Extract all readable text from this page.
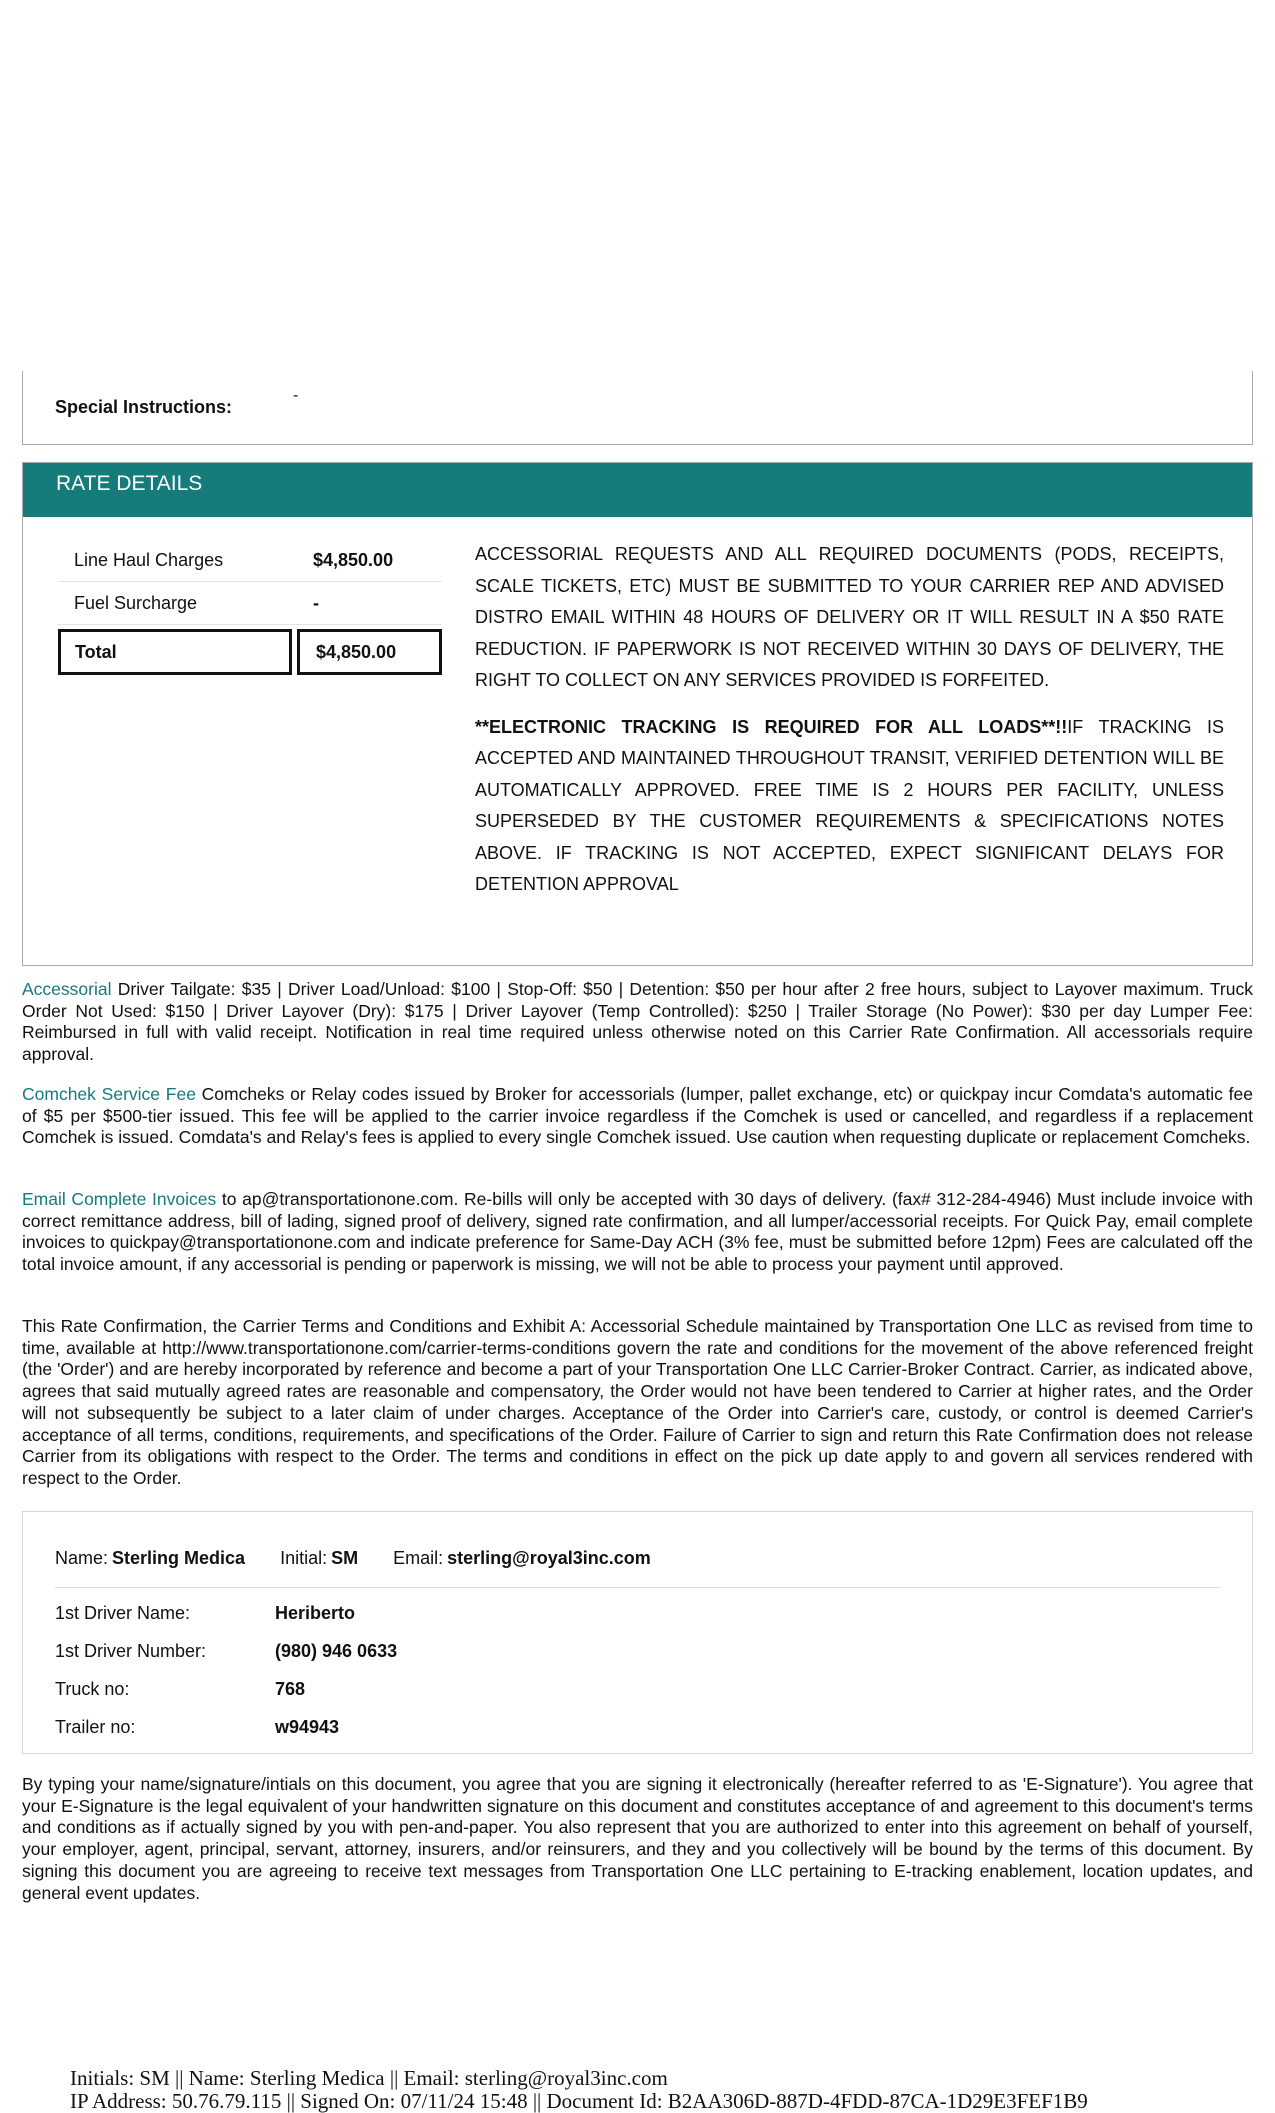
Special Instructions:
-
RATE DETAILS
Line Haul Charges	$4,850.00
Fuel Surcharge	-
Total	$4,850.00

ACCESSORIAL REQUESTS AND ALL REQUIRED DOCUMENTS (PODS, RECEIPTS, SCALE TICKETS, ETC) MUST BE SUBMITTED TO YOUR CARRIER REP AND ADVISED DISTRO EMAIL WITHIN 48 HOURS OF DELIVERY OR IT WILL RESULT IN A $50 RATE REDUCTION. IF PAPERWORK IS NOT RECEIVED WITHIN 30 DAYS OF DELIVERY, THE RIGHT TO COLLECT ON ANY SERVICES PROVIDED IS FORFEITED.

**ELECTRONIC TRACKING IS REQUIRED FOR ALL LOADS**!!IF TRACKING IS ACCEPTED AND MAINTAINED THROUGHOUT TRANSIT, VERIFIED DETENTION WILL BE AUTOMATICALLY APPROVED. FREE TIME IS 2 HOURS PER FACILITY, UNLESS SUPERSEDED BY THE CUSTOMER REQUIREMENTS & SPECIFICATIONS NOTES ABOVE. IF TRACKING IS NOT ACCEPTED, EXPECT SIGNIFICANT DELAYS FOR DETENTION APPROVAL

Accessorial Driver Tailgate: $35 | Driver Load/Unload: $100 | Stop-Off: $50 | Detention: $50 per hour after 2 free hours, subject to Layover maximum. Truck Order Not Used: $150 | Driver Layover (Dry): $175 | Driver Layover (Temp Controlled): $250 | Trailer Storage (No Power): $30 per day Lumper Fee: Reimbursed in full with valid receipt. Notification in real time required unless otherwise noted on this Carrier Rate Confirmation. All accessorials require approval.

Comchek Service Fee Comcheks or Relay codes issued by Broker for accessorials (lumper, pallet exchange, etc) or quickpay incur Comdata's automatic fee of $5 per $500-tier issued. This fee will be applied to the carrier invoice regardless if the Comchek is used or cancelled, and regardless if a replacement Comchek is issued. Comdata's and Relay's fees is applied to every single Comchek issued. Use caution when requesting duplicate or replacement Comcheks.

Email Complete Invoices to ap@transportationone.com. Re-bills will only be accepted with 30 days of delivery. (fax# 312-284-4946) Must include invoice with correct remittance address, bill of lading, signed proof of delivery, signed rate confirmation, and all lumper/accessorial receipts. For Quick Pay, email complete invoices to quickpay@transportationone.com and indicate preference for Same-Day ACH (3% fee, must be submitted before 12pm) Fees are calculated off the total invoice amount, if any accessorial is pending or paperwork is missing, we will not be able to process your payment until approved.

This Rate Confirmation, the Carrier Terms and Conditions and Exhibit A: Accessorial Schedule maintained by Transportation One LLC as revised from time to time, available at http://www.transportationone.com/carrier-terms-conditions govern the rate and conditions for the movement of the above referenced freight (the 'Order') and are hereby incorporated by reference and become a part of your Transportation One LLC Carrier-Broker Contract. Carrier, as indicated above, agrees that said mutually agreed rates are reasonable and compensatory, the Order would not have been tendered to Carrier at higher rates, and the Order will not subsequently be subject to a later claim of under charges. Acceptance of the Order into Carrier's care, custody, or control is deemed Carrier's acceptance of all terms, conditions, requirements, and specifications of the Order. Failure of Carrier to sign and return this Rate Confirmation does not release Carrier from its obligations with respect to the Order. The terms and conditions in effect on the pick up date apply to and govern all services rendered with respect to the Order.

Name: Sterling Medica Initial: SM Email: sterling@royal3inc.com
1st Driver Name:	Heriberto
1st Driver Number:	(980) 946 0633
Truck no:	768
Trailer no:	w94943

By typing your name/signature/intials on this document, you agree that you are signing it electronically (hereafter referred to as 'E-Signature'). You agree that your E-Signature is the legal equivalent of your handwritten signature on this document and constitutes acceptance of and agreement to this document's terms and conditions as if actually signed by you with pen-and-paper. You also represent that you are authorized to enter into this agreement on behalf of yourself, your employer, agent, principal, servant, attorney, insurers, and/or reinsurers, and they and you collectively will be bound by the terms of this document. By signing this document you are agreeing to receive text messages from Transportation One LLC pertaining to E-tracking enablement, location updates, and general event updates.

Initials: SM || Name: Sterling Medica || Email: sterling@royal3inc.com
IP Address: 50.76.79.115 || Signed On: 07/11/24 15:48 || Document Id: B2AA306D-887D-4FDD-87CA-1D29E3FEF1B9
